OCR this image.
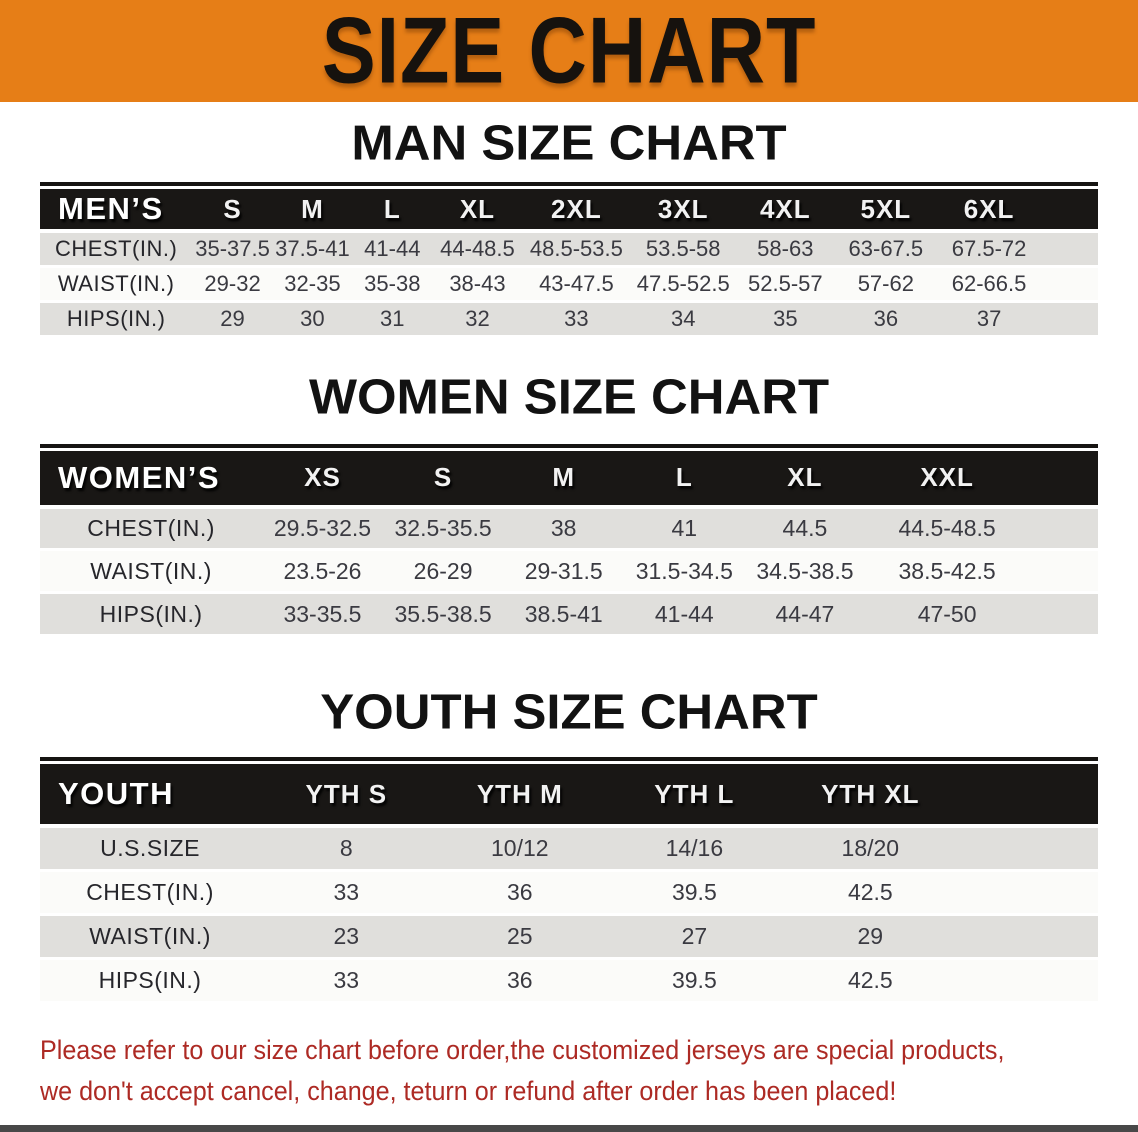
SIZE CHART
MAN SIZE CHART
MEN’S	S	M	L	XL	2XL	3XL	4XL	5XL	6XL
CHEST(IN.)	35-37.5	37.5-41	41-44	44-48.5	48.5-53.5	53.5-58	58-63	63-67.5	67.5-72
WAIST(IN.)	29-32	32-35	35-38	38-43	43-47.5	47.5-52.5	52.5-57	57-62	62-66.5
HIPS(IN.)	29	30	31	32	33	34	35	36	37
WOMEN SIZE CHART
WOMEN’S	XS	S	M	L	XL	XXL
CHEST(IN.)	29.5-32.5	32.5-35.5	38	41	44.5	44.5-48.5
WAIST(IN.)	23.5-26	26-29	29-31.5	31.5-34.5	34.5-38.5	38.5-42.5
HIPS(IN.)	33-35.5	35.5-38.5	38.5-41	41-44	44-47	47-50
YOUTH SIZE CHART
YOUTH	YTH S	YTH M	YTH L	YTH XL
U.S.SIZE	8	10/12	14/16	18/20
CHEST(IN.)	33	36	39.5	42.5
WAIST(IN.)	23	25	27	29
HIPS(IN.)	33	36	39.5	42.5

Please refer to our size chart before order,the customized jerseys are special products,
we don't accept cancel, change, teturn or refund after order has been placed!
